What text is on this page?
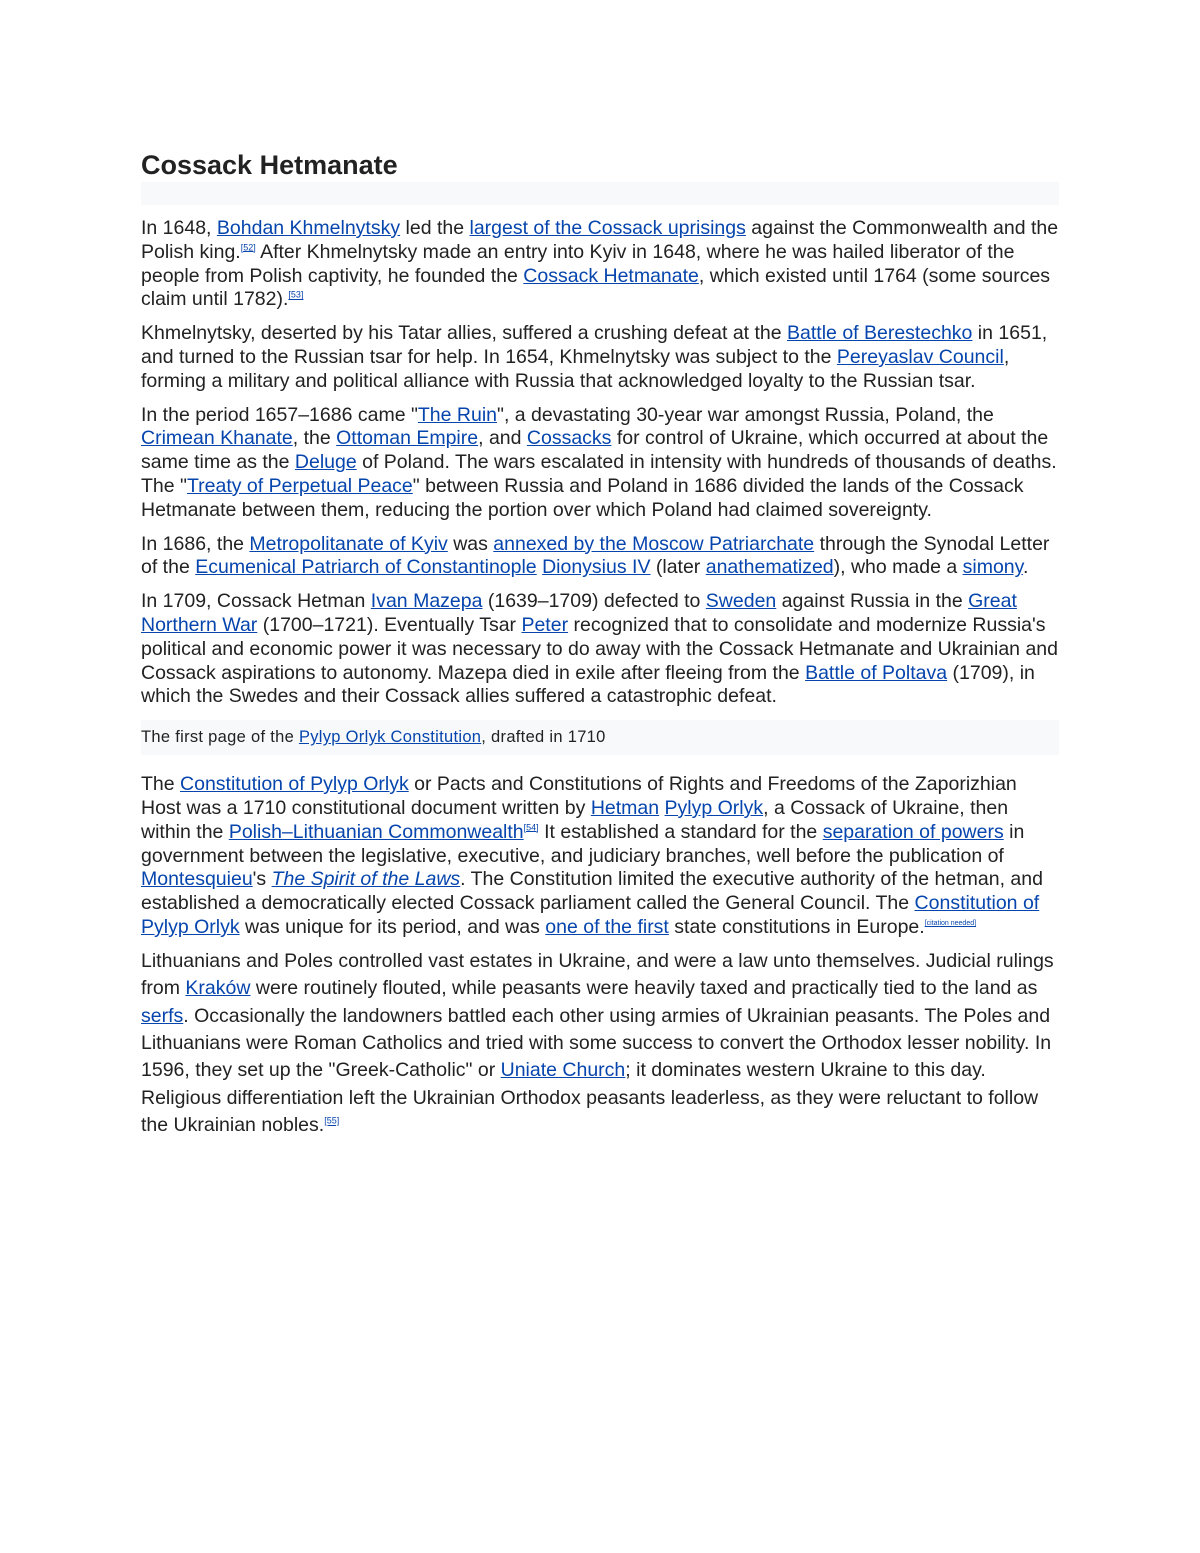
Cossack Hetmanate

In 1648, Bohdan Khmelnytsky led the largest of the Cossack uprisings against the Commonwealth and the Polish king.[52] After Khmelnytsky made an entry into Kyiv in 1648, where he was hailed liberator of the people from Polish captivity, he founded the Cossack Hetmanate, which existed until 1764 (some sources claim until 1782).[53]

Khmelnytsky, deserted by his Tatar allies, suffered a crushing defeat at the Battle of Berestechko in 1651, and turned to the Russian tsar for help. In 1654, Khmelnytsky was subject to the Pereyaslav Council, forming a military and political alliance with Russia that acknowledged loyalty to the Russian tsar.

In the period 1657–1686 came "The Ruin", a devastating 30-year war amongst Russia, Poland, the Crimean Khanate, the Ottoman Empire, and Cossacks for control of Ukraine, which occurred at about the same time as the Deluge of Poland. The wars escalated in intensity with hundreds of thousands of deaths. The "Treaty of Perpetual Peace" between Russia and Poland in 1686 divided the lands of the Cossack Hetmanate between them, reducing the portion over which Poland had claimed sovereignty.

In 1686, the Metropolitanate of Kyiv was annexed by the Moscow Patriarchate through the Synodal Letter of the Ecumenical Patriarch of Constantinople Dionysius IV (later anathematized), who made a simony.

In 1709, Cossack Hetman Ivan Mazepa (1639–1709) defected to Sweden against Russia in the Great Northern War (1700–1721). Eventually Tsar Peter recognized that to consolidate and modernize Russia's political and economic power it was necessary to do away with the Cossack Hetmanate and Ukrainian and Cossack aspirations to autonomy. Mazepa died in exile after fleeing from the Battle of Poltava (1709), in which the Swedes and their Cossack allies suffered a catastrophic defeat.

The first page of the Pylyp Orlyk Constitution, drafted in 1710

The Constitution of Pylyp Orlyk or Pacts and Constitutions of Rights and Freedoms of the Zaporizhian Host was a 1710 constitutional document written by Hetman Pylyp Orlyk, a Cossack of Ukraine, then within the Polish–Lithuanian Commonwealth[54] It established a standard for the separation of powers in government between the legislative, executive, and judiciary branches, well before the publication of Montesquieu's The Spirit of the Laws. The Constitution limited the executive authority of the hetman, and established a democratically elected Cossack parliament called the General Council. The Constitution of Pylyp Orlyk was unique for its period, and was one of the first state constitutions in Europe.[citation needed]

Lithuanians and Poles controlled vast estates in Ukraine, and were a law unto themselves. Judicial rulings from Kraków were routinely flouted, while peasants were heavily taxed and practically tied to the land as serfs. Occasionally the landowners battled each other using armies of Ukrainian peasants. The Poles and Lithuanians were Roman Catholics and tried with some success to convert the Orthodox lesser nobility. In 1596, they set up the "Greek-Catholic" or Uniate Church; it dominates western Ukraine to this day. Religious differentiation left the Ukrainian Orthodox peasants leaderless, as they were reluctant to follow the Ukrainian nobles.[55]
